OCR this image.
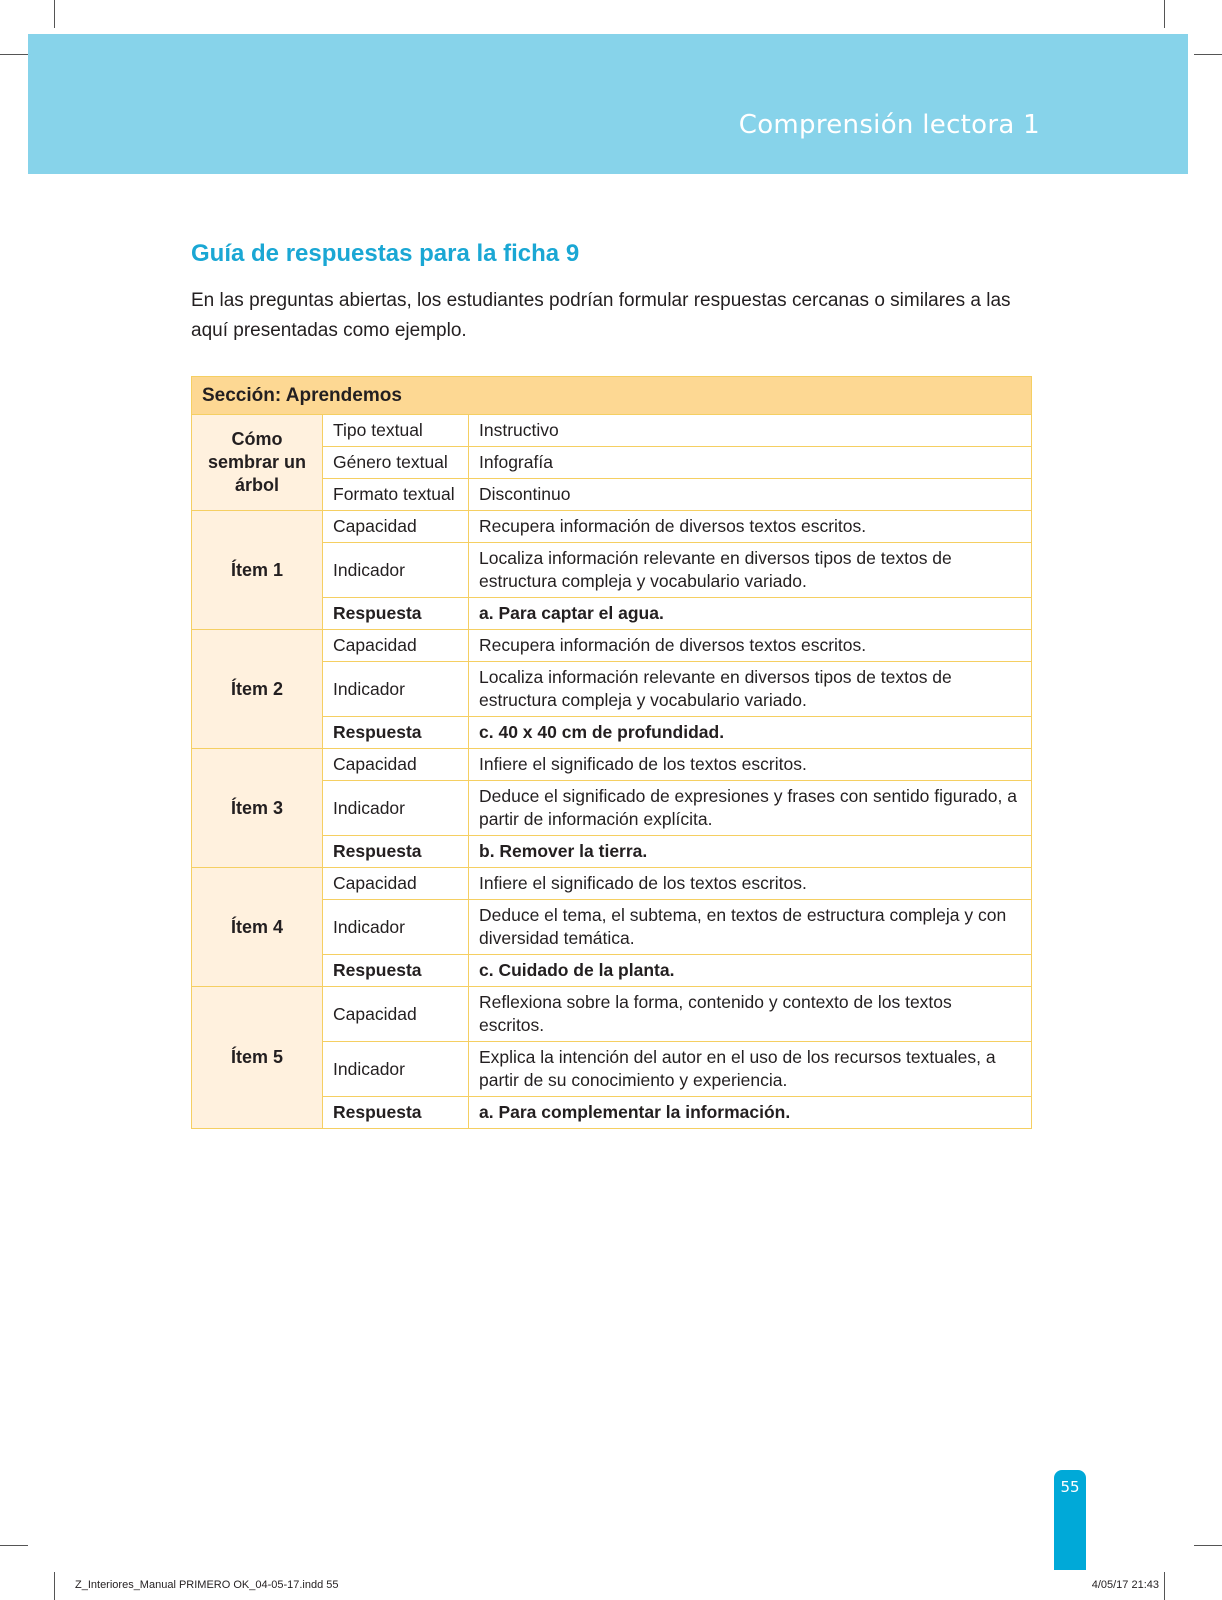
Comprensión lectora 1
Guía de respuestas para la ficha 9

En las preguntas abiertas, los estudiantes podrían formular respuestas cercanas o similares a las aquí presentadas como ejemplo.

Sección: Aprendemos		
Cómo sembrar un árbol	Tipo textual	Instructivo
	Género textual	Infografía
	Formato textual	Discontinuo
Ítem 1	Capacidad	Recupera información de diversos textos escritos.
	Indicador	Localiza información relevante en diversos tipos de textos de estructura compleja y vocabulario variado.
	Respuesta	a. Para captar el agua.
Ítem 2	Capacidad	Recupera información de diversos textos escritos.
	Indicador	Localiza información relevante en diversos tipos de textos de estructura compleja y vocabulario variado.
	Respuesta	c. 40 x 40 cm de profundidad.
Ítem 3	Capacidad	Infiere el significado de los textos escritos.
	Indicador	Deduce el significado de expresiones y frases con sentido figurado, a partir de información explícita.
	Respuesta	b. Remover la tierra.
Ítem 4	Capacidad	Infiere el significado de los textos escritos.
	Indicador	Deduce el tema, el subtema, en textos de estructura compleja y con diversidad temática.
	Respuesta	c. Cuidado de la planta.
Ítem 5	Capacidad	Reflexiona sobre la forma, contenido y contexto de los textos escritos.
	Indicador	Explica la intención del autor en el uso de los recursos textuales, a partir de su conocimiento y experiencia.
	Respuesta	a. Para complementar la información.
55
Z_Interiores_Manual PRIMERO OK_04-05-17.indd 55	4/05/17 21:43
